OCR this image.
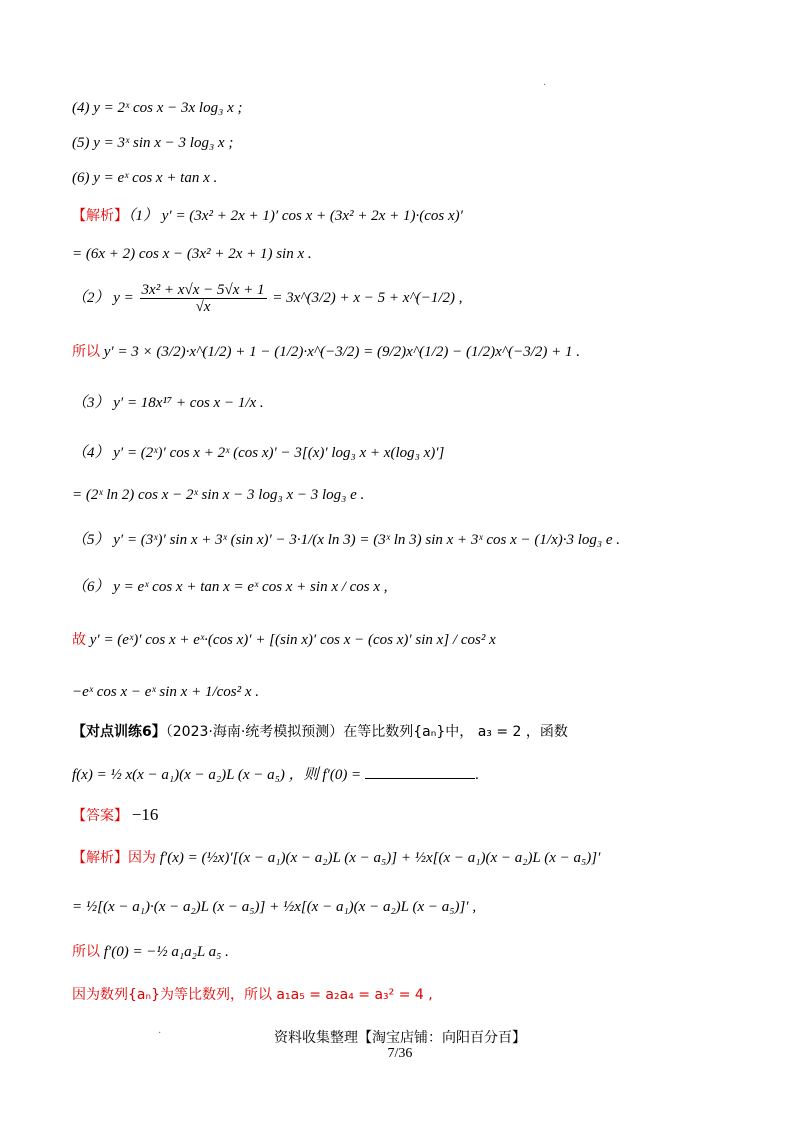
·
(4) y = 2ˣ cos x − 3x log₃ x ;
(5) y = 3ˣ sin x − 3 log₃ x ;
(6) y = eˣ cos x + tan x .
【解析】（1） y′ = (3x² + 2x + 1)′ cos x + (3x² + 2x + 1)·(cos x)′
= (6x + 2) cos x − (3x² + 2x + 1) sin x .
（2） $y = \frac{\text{3x² + x√x − 5√x + 1}}{√x}$ = 3x^(3/2) + x − 5 + x^(−1/2) ,
所以 y′ = 3 × (3/2)·x^(1/2) + 1 − (1/2)·x^(−3/2) = (9/2)x^(1/2) − (1/2)x^(−3/2) + 1 .
（3） y′ = 18x¹⁷ + cos x − 1/x .
（4） y′ = (2ˣ)′ cos x + 2ˣ (cos x)′ − 3[(x)′ log₃ x + x(log₃ x)′]
= (2ˣ ln 2) cos x − 2ˣ sin x − 3 log₃ x − 3 log₃ e .
（5） y′ = (3ˣ)′ sin x + 3ˣ (sin x)′ − 3·1/(x ln 3) = (3ˣ ln 3) sin x + 3ˣ cos x − (1/x)·3 log₃ e .
（6） y = eˣ cos x + tan x = eˣ cos x + sin x / cos x ,
故 y′ = (eˣ)′ cos x + eˣ·(cos x)′ + [(sin x)′ cos x − (cos x)′ sin x] / cos² x
−eˣ cos x − eˣ sin x + 1/cos² x .
【对点训练6】（2023·海南·统考模拟预测）在等比数列{aₙ}中， a₃ = 2 ，函数
f(x) = ½ x(x − a₁)(x − a₂)L (x − a₅) ，则 f′(0) =	.
【答案】 −16
【解析】因为 f′(x) = (½x)′[(x − a₁)(x − a₂)L (x − a₅)] + ½x[(x − a₁)(x − a₂)L (x − a₅)]′
= ½[(x − a₁)·(x − a₂)L (x − a₅)] + ½x[(x − a₁)(x − a₂)L (x − a₅)]′ ,
所以 f′(0) = −½ a₁a₂L a₅ .
因为数列{aₙ}为等比数列，所以 a₁a₅ = a₂a₄ = a₃² = 4 ,
·	资料收集整理【淘宝店铺：向阳百分百】
7/36
